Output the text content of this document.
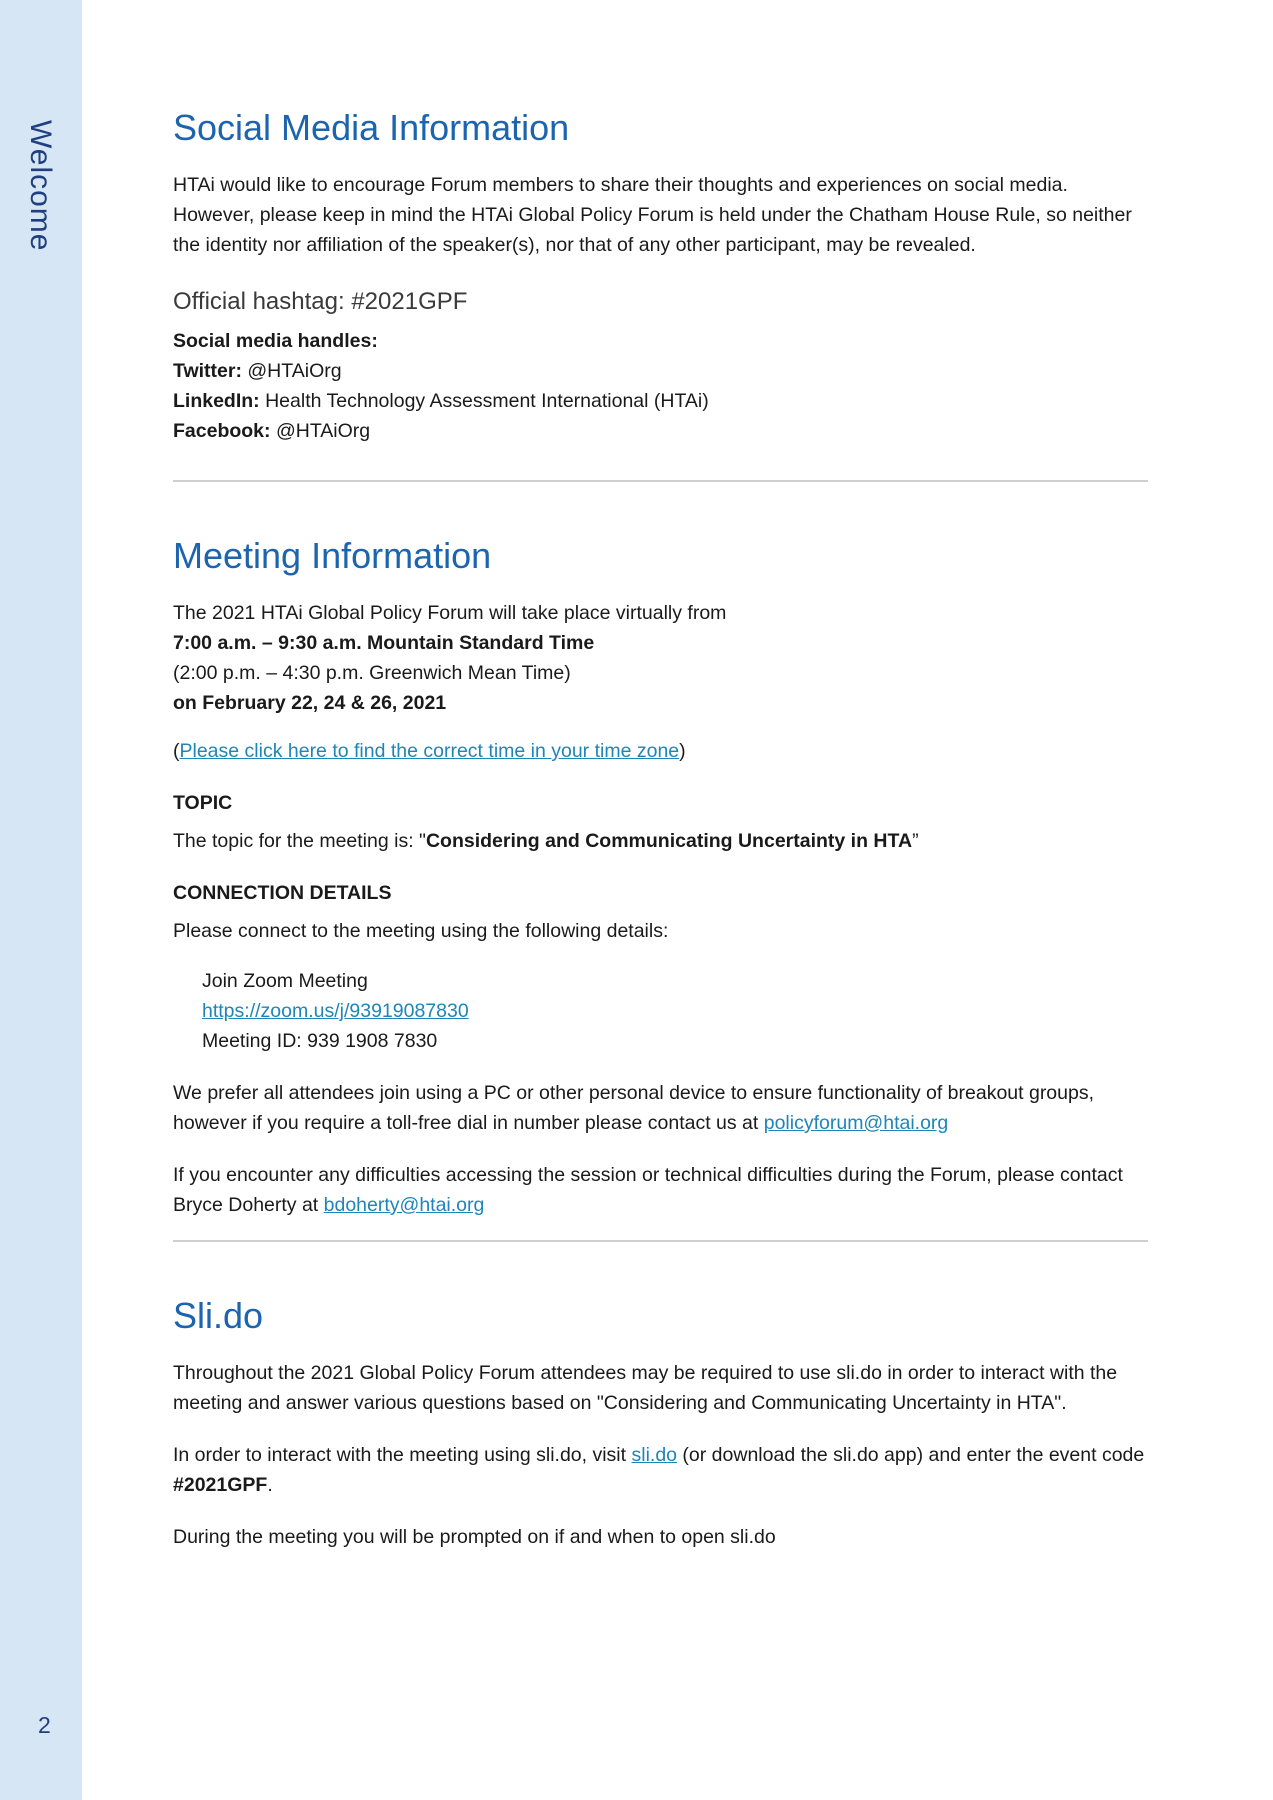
Welcome
2
Social Media Information

HTAi would like to encourage Forum members to share their thoughts and experiences on social media. However, please keep in mind the HTAi Global Policy Forum is held under the Chatham House Rule, so neither the identity nor affiliation of the speaker(s), nor that of any other participant, may be revealed.

Official hashtag: #2021GPF

Social media handles:
Twitter: @HTAiOrg
LinkedIn: Health Technology Assessment International (HTAi)
Facebook: @HTAiOrg

Meeting Information

The 2021 HTAi Global Policy Forum will take place virtually from
7:00 a.m. – 9:30 a.m. Mountain Standard Time
(2:00 p.m. – 4:30 p.m. Greenwich Mean Time)
on February 22, 24 & 26, 2021

(Please click here to find the correct time in your time zone)

TOPIC

The topic for the meeting is: "Considering and Communicating Uncertainty in HTA”

CONNECTION DETAILS

Please connect to the meeting using the following details:

Join Zoom Meeting
https://zoom.us/j/93919087830
Meeting ID: 939 1908 7830

We prefer all attendees join using a PC or other personal device to ensure functionality of breakout groups, however if you require a toll-free dial in number please contact us at policyforum@htai.org

If you encounter any difficulties accessing the session or technical difficulties during the Forum, please contact Bryce Doherty at bdoherty@htai.org

Sli.do

Throughout the 2021 Global Policy Forum attendees may be required to use sli.do in order to interact with the meeting and answer various questions based on "Considering and Communicating Uncertainty in HTA".

In order to interact with the meeting using sli.do, visit sli.do (or download the sli.do app) and enter the event code #2021GPF.

During the meeting you will be prompted on if and when to open sli.do
